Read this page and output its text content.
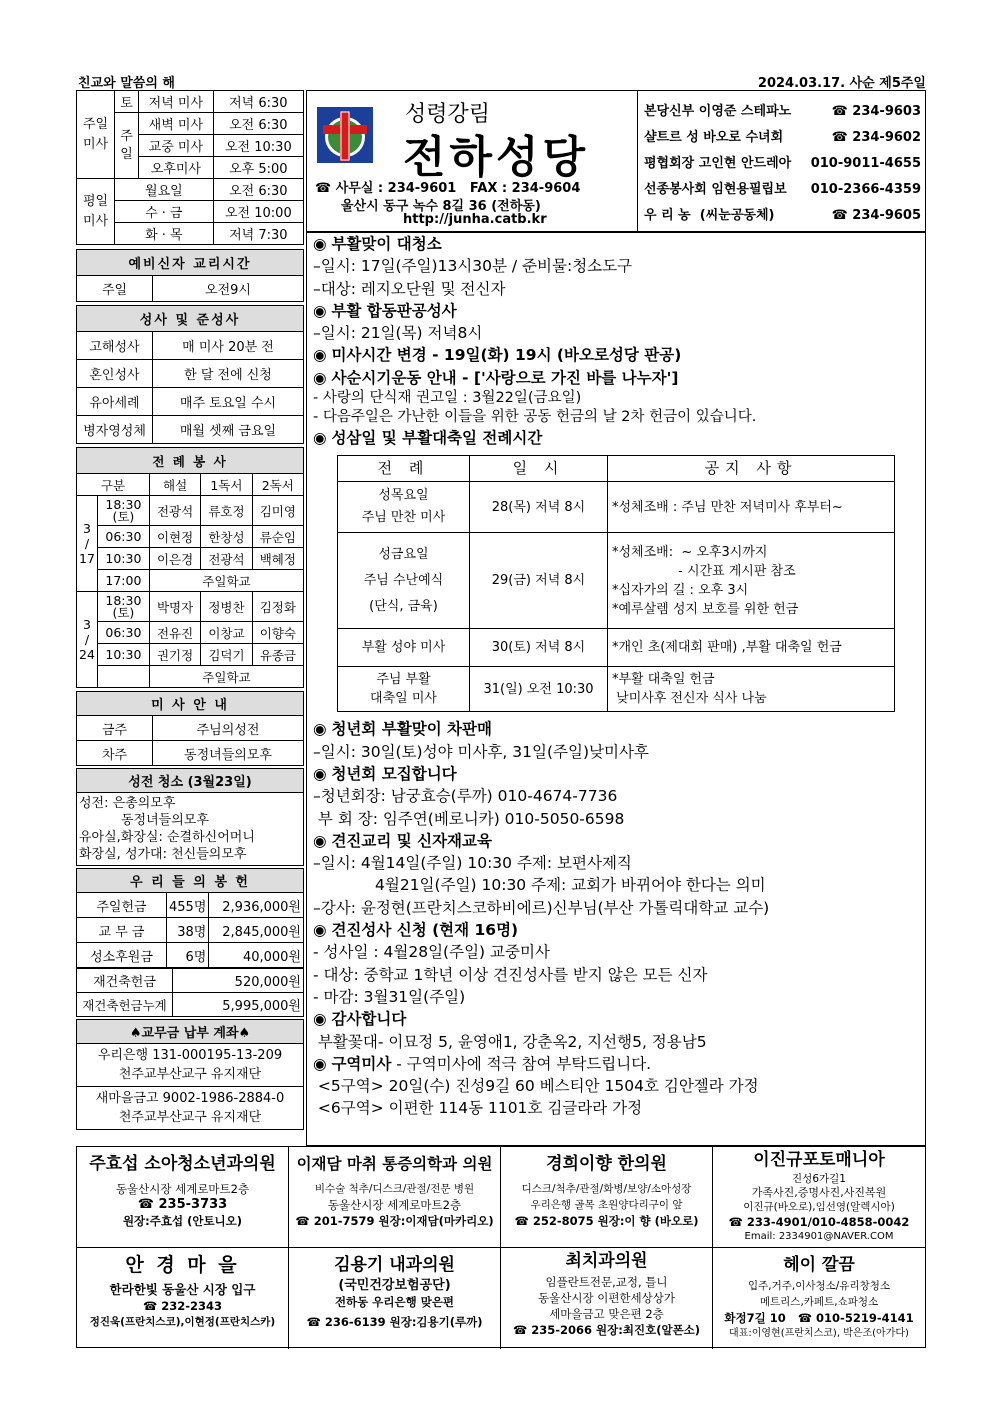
친교와 말씀의 해	2024.03.17. 사순 제5주일
주일
미사	토	저녁 미사	저녁 6:30
	주
일	새벽 미사	오전 6:30
		교중 미사	오전 10:30
		오후미사	오후 5:00
평일
미사	월요일		오전 6:30
	수 · 금		오전 10:00
	화 · 목		저녁 7:30
예비신자 교리시간
주일	오전9시
성사 및 준성사	
고해성사	매 미사 20분 전
혼인성사	한 달 전에 신청
유아세례	매주 토요일 수시
병자영성체	매월 셋째 금요일
전 례 봉 사				
구분		해설	1독서	2독서
3
/
17	18:30
(토)	전광석	류호정	김미영
	06:30	이현정	한창성	류순임
	10:30	이은경	전광석	백혜정
	17:00	주일학교		
3
/
24	18:30
(토)	박명자	정병찬	김정화
	06:30	전유진	이창교	이향숙
	10:30	권기정	김덕기	유종금
		주일학교		
미 사 안 내	
금주	주님의성전
차주	동정녀들의모후
성전 청소 (3월23일)

성전: 은총의모후
동정녀들의모후
유아실,화장실: 순결하신어머니
화장실, 성가대: 천신들의모후
우 리 들 의 봉 헌		
주일헌금	455명	2,936,000원
교 무 금	38명	2,845,000원
성소후원금	6명	40,000원
재건축헌금	520,000원
재건축헌금누계	5,995,000원
♠교무금 납부 계좌♠

우리은행 131-000195-13-209
천주교부산교구 유지재단

새마을금고 9002-1986-2884-0
천주교부산교구 유지재단
성령강림
전하성당
☎ 사무실 : 234-9601   FAX : 234-9604
울산시 동구 녹수 8길 36 (전하동)
http://junha.catb.kr
본당신부 이영준 스테파노	☎ 234-9603
샬트르 성 바오로 수녀회	☎ 234-9602
평협회장 고인현 안드레아 010-9011-4655
선종봉사회 임현용필립보 010-2366-4359
우 리 농  (씨눈공동체)	☎ 234-9605
◉ 부활맞이 대청소
–일시: 17일(주일)13시30분 / 준비물:청소도구
–대상: 레지오단원 및 전신자
◉ 부활 합동판공성사
–일시: 21일(목) 저녁8시
◉ 미사시간 변경 - 19일(화) 19시 (바오로성당 판공)
◉ 사순시기운동 안내 - ['사랑으로 가진 바를 나누자']
- 사랑의 단식재 권고일 : 3월22일(금요일)
- 다음주일은 가난한 이들을 위한 공동 헌금의 날 2차 헌금이 있습니다.
◉ 성삼일 및 부활대축일 전례시간
전 례	일 시	공지 사항
성목요일
주님 만찬 미사	28(목) 저녁 8시	*성체조배 : 주님 만찬 저녁미사 후부터~
성금요일
주님 수난예식
(단식, 금육)	29(금) 저녁 8시	*성체조배:  ~ 오후3시까지
- 시간표 게시판 참조
*십자가의 길 : 오후 3시
*예루살렘 성지 보호를 위한 헌금
부활 성야 미사	30(토) 저녁 8시	*개인 초(제대회 판매) ,부활 대축일 헌금
주님 부활
대축일 미사	31(일) 오전 10:30	*부활 대축일 헌금
낮미사후 전신자 식사 나눔
◉ 청년회 부활맞이 차판매
–일시: 30일(토)성야 미사후, 31일(주일)낮미사후
◉ 청년회 모집합니다
–청년회장: 남궁효승(루까) 010-4674-7736
부 회 장: 임주연(베로니카) 010-5050-6598
◉ 견진교리 및 신자재교육
–일시: 4월14일(주일) 10:30 주제: 보편사제직
4월21일(주일) 10:30 주제: 교회가 바뀌어야 한다는 의미
–강사: 윤정현(프란치스코하비에르)신부님(부산 가톨릭대학교 교수)
◉ 견진성사 신청 (현재 16명)
- 성사일 : 4월28일(주일) 교중미사
- 대상: 중학교 1학년 이상 견진성사를 받지 않은 모든 신자
- 마감: 3월31일(주일)
◉ 감사합니다
부활꽃대- 이묘정 5, 윤영애1, 강춘옥2, 지선행5, 정용남5
◉ 구역미사 - 구역미사에 적극 참여 부탁드립니다.
<5구역> 20일(수) 진성9길 60 베스티안 1504호 김안젤라 가정
<6구역> 이편한 114동 1101호 김글라라 가정
주효섭 소아청소년과의원
동울산시장 세계로마트2층
☎ 235-3733
원장:주효섭 (안토니오)
이재담 마취 통증의학과 의원
비수술 척추/디스크/관절/전문 병원
동울산시장 세계로마트2층
☎ 201-7579 원장:이재담(마카리오)
경희이향 한의원
디스크/척추/관절/화병/보양/소아성장
우리은행 골목 초원양다리구이 앞
☎ 252-8075 원장:이 향 (바오로)
이진규포토매니아
진성6가길1
가족사진,증명사진,사진복원
이진규(바오로),임선영(알렉시아)
☎ 233-4901/010-4858-0042
Email: 2334901@NAVER.COM
안 경 마 을
한라한빛 동울산 시장 입구
☎ 232-2343
정진욱(프란치스코),이현정(프란치스카)
김용기 내과의원
(국민건강보험공단)
전하동 우리은행 맞은편
☎ 236-6139 원장:김용기(루까)
최치과의원
임플란트전문,교정, 틀니
동울산시장 이편한세상상가
세마을금고 맞은편 2층
☎ 235-2066 원장:최진호(알폰소)
헤이 깔끔
입주,거주,이사청소/유리창청소
메트리스,카페트,쇼파청소
화정7길 10   ☎ 010-5219-4141
대표:이영현(프란치스코), 박은조(아가다)
